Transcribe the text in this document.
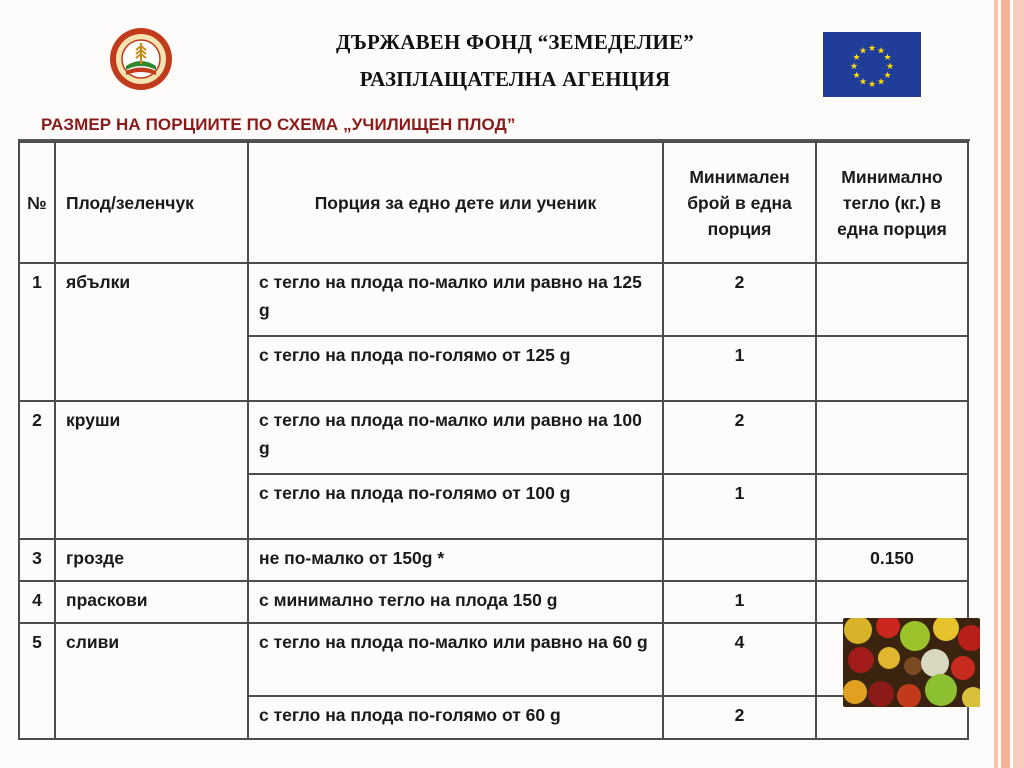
ДЪРЖАВЕН ФОНД “ЗЕМЕДЕЛИЕ”
РАЗПЛАЩАТЕЛНА АГЕНЦИЯ
★ ★
★
★
★
★
★
★
★
★
★
★
РАЗМЕР НА ПОРЦИИТЕ ПО СХЕМА „УЧИЛИЩЕН ПЛОД”
№	Плод/зеленчук	Порция за едно дете или ученик	Минимален брой в една порция	Минимално тегло (кг.) в една порция
1	ябълки	с тегло на плода по-малко или равно на 125 g	2	
		с тегло на плода по-голямо от 125 g	1	
2	круши	с тегло на плода по-малко или равно на 100 g	2	
		с тегло на плода по-голямо от 100 g	1	
3	грозде	не по-малко от 150g *		0.150
4	праскови	с минимално тегло на плода 150 g	1	
5	сливи	с тегло на плода по-малко или равно на 60 g	4	
		с тегло на плода по-голямо от 60 g	2	
